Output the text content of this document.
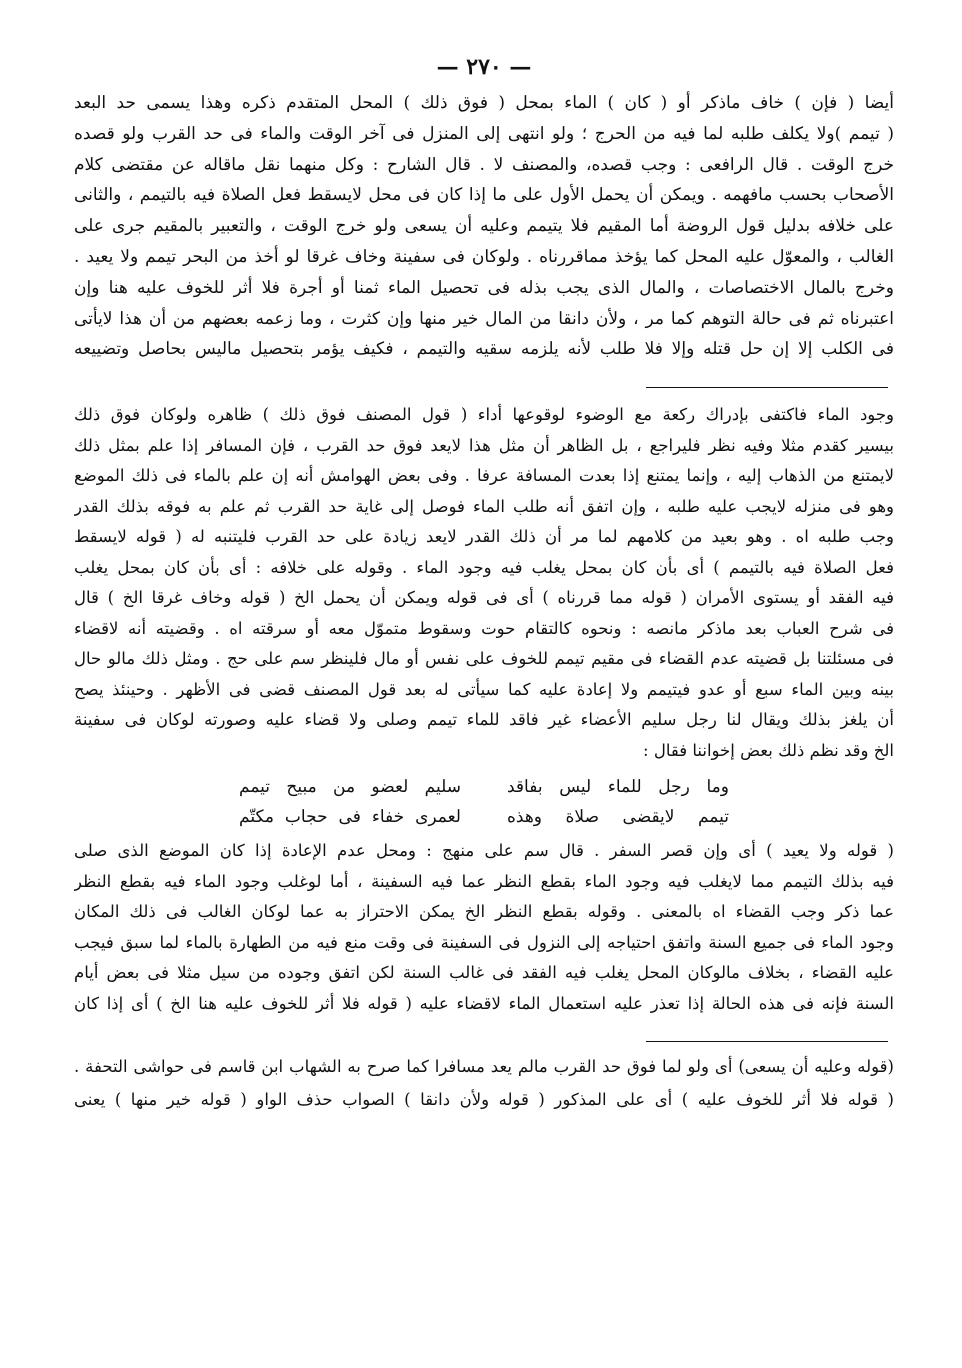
— ٢٧٠ —
أيضا ( فإن ) خاف ماذكر أو ( كان ) الماء بمحل ( فوق ذلك ) المحل المتقدم ذكره وهذا يسمى حد البعد
( تيمم )ولا يكلف طلبه لما فيه من الحرج ؛ ولو انتهى إلى المنزل فى آخر الوقت والماء فى حد القرب ولو قصده
خرج الوقت . قال الرافعى : وجب قصده، والمصنف لا . قال الشارح : وكل منهما نقل ماقاله عن مقتضى كلام
الأصحاب بحسب مافهمه . ويمكن أن يحمل الأول على ما إذا كان فى محل لايسقط فعل الصلاة فيه بالتيمم ، والثانى
على خلافه بدليل قول الروضة أما المقيم فلا يتيمم وعليه أن يسعى ولو خرج الوقت ، والتعبير بالمقيم جرى على
الغالب ، والمعوّل عليه المحل كما يؤخذ مماقررناه . ولوكان فى سفينة وخاف غرقا لو أخذ من البحر تيمم ولا يعيد .
وخرج بالمال الاختصاصات ، والمال الذى يجب بذله فى تحصيل الماء ثمنا أو أجرة فلا أثر للخوف عليه هنا وإن
اعتبرناه ثم فى حالة التوهم كما مر ، ولأن دانقا من المال خير منها وإن كثرت ، وما زعمه بعضهم من أن هذا لايأتى
فى الكلب إلا إن حل قتله وإلا فلا طلب لأنه يلزمه سقيه والتيمم ، فكيف يؤمر بتحصيل ماليس بحاصل وتضييعه
وجود الماء فاكتفى بإدراك ركعة مع الوضوء لوقوعها أداء ( قول المصنف فوق ذلك ) ظاهره ولوكان فوق ذلك
بيسير كقدم مثلا وفيه نظر فليراجع ، بل الظاهر أن مثل هذا لايعد فوق حد القرب ، فإن المسافر إذا علم بمثل ذلك
لايمتنع من الذهاب إليه ، وإنما يمتنع إذا بعدت المسافة عرفا . وفى بعض الهوامش أنه إن علم بالماء فى ذلك الموضع
وهو فى منزله لايجب عليه طلبه ، وإن اتفق أنه طلب الماء فوصل إلى غاية حد القرب ثم علم به فوقه بذلك القدر
وجب طلبه اه . وهو بعيد من كلامهم لما مر أن ذلك القدر لايعد زيادة على حد القرب فليتنبه له ( قوله لايسقط
فعل الصلاة فيه بالتيمم ) أى بأن كان بمحل يغلب فيه وجود الماء . وقوله على خلافه : أى بأن كان بمحل يغلب
فيه الفقد أو يستوى الأمران ( قوله مما قررناه ) أى فى قوله ويمكن أن يحمل الخ ( قوله وخاف غرقا الخ ) قال
فى شرح العباب بعد ماذكر مانصه : ونحوه كالتقام حوت وسقوط متموّل معه أو سرقته اه . وقضيته أنه لاقضاء
فى مسئلتنا بل قضيته عدم القضاء فى مقيم تيمم للخوف على نفس أو مال فلينظر سم على حج . ومثل ذلك مالو حال
بينه وبين الماء سبع أو عدو فيتيمم ولا إعادة عليه كما سيأتى له بعد قول المصنف قضى فى الأظهر . وحينئذ يصح
أن يلغز بذلك ويقال لنا رجل سليم الأعضاء غير فاقد للماء تيمم وصلى ولا قضاء عليه وصورته لوكان فى سفينة
الخ وقد نظم ذلك بعض إخواننا فقال :
وما رجل للماء ليس بفاقد
سليم لعضو من مبيح تيمم
تيمم لايقضى صلاة وهذه
لعمرى خفاء فى حجاب مكتّم
( قوله ولا يعيد ) أى وإن قصر السفر . قال سم على منهج : ومحل عدم الإعادة إذا كان الموضع الذى صلى
فيه بذلك التيمم مما لايغلب فيه وجود الماء بقطع النظر عما فيه السفينة ، أما لوغلب وجود الماء فيه بقطع النظر
عما ذكر وجب القضاء اه بالمعنى . وقوله بقطع النظر الخ يمكن الاحتراز به عما لوكان الغالب فى ذلك المكان
وجود الماء فى جميع السنة واتفق احتياجه إلى النزول فى السفينة فى وقت منع فيه من الطهارة بالماء لما سبق فيجب
عليه القضاء ، بخلاف مالوكان المحل يغلب فيه الفقد فى غالب السنة لكن اتفق وجوده من سيل مثلا فى بعض أيام
السنة فإنه فى هذه الحالة إذا تعذر عليه استعمال الماء لاقضاء عليه ( قوله فلا أثر للخوف عليه هنا الخ ) أى إذا كان
(قوله وعليه أن يسعى) أى ولو لما فوق حد القرب مالم يعد مسافرا كما صرح به الشهاب ابن قاسم فى حواشى التحفة .
( قوله فلا أثر للخوف عليه ) أى على المذكور ( قوله ولأن دانقا ) الصواب حذف الواو ( قوله خير منها ) يعنى
